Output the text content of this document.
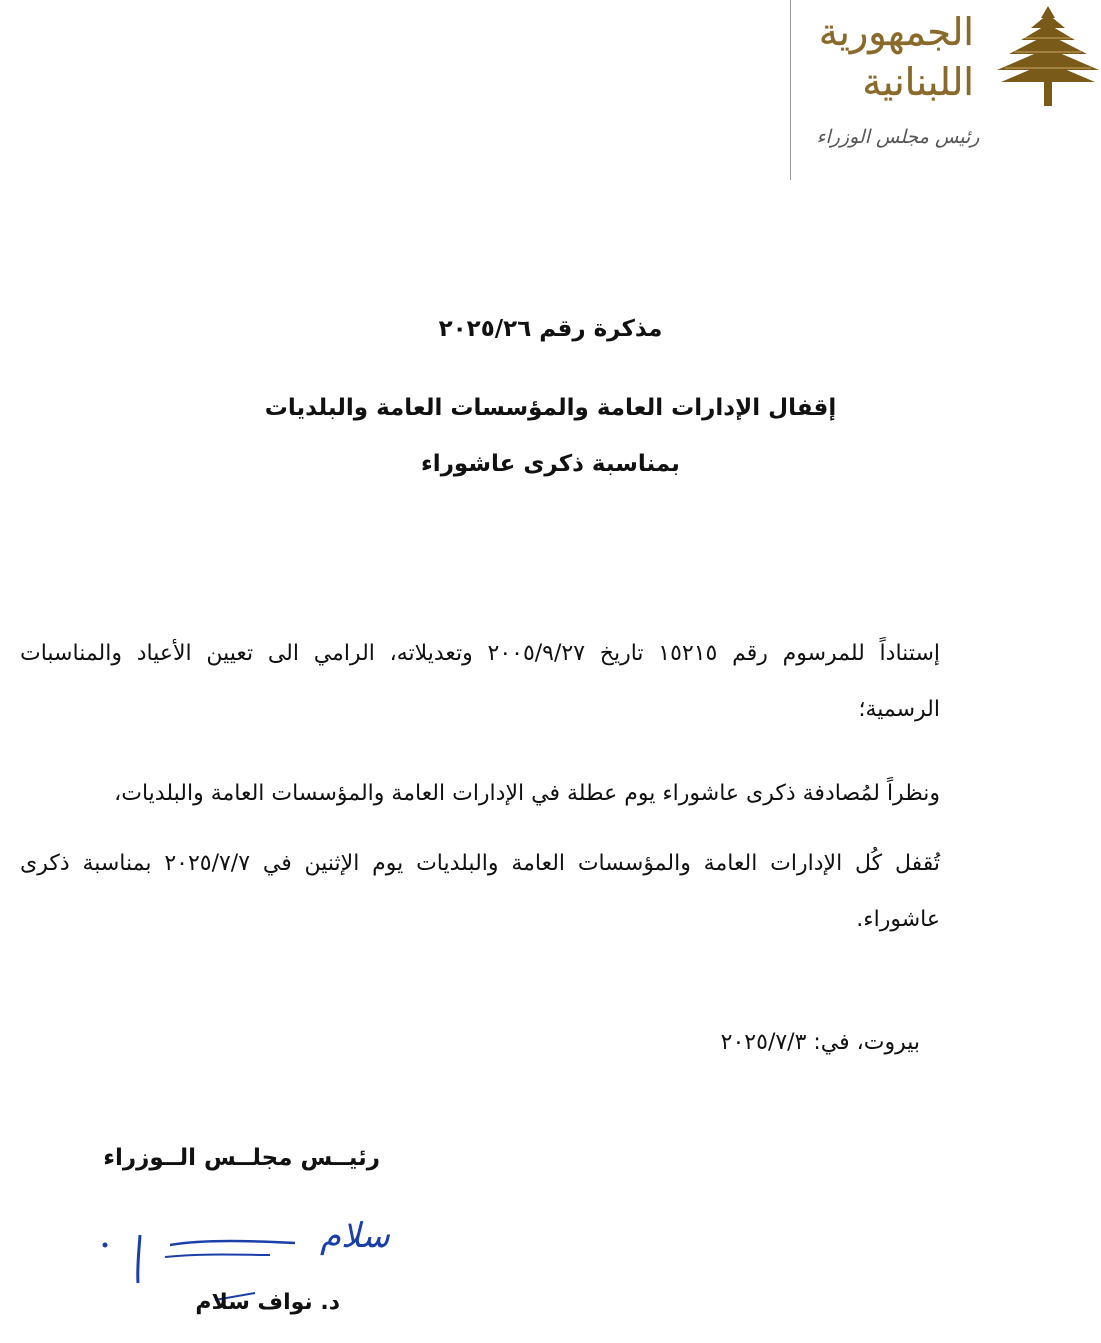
الجمهورية
اللبنانية
رئيس مجلس الوزراء
مذكرة رقم ٢٠٢٥/٢٦
إقفال الإدارات العامة والمؤسسات العامة والبلديات
بمناسبة ذكرى عاشوراء
إستناداً للمرسوم رقم ١٥٢١٥ تاريخ ٢٠٠٥/٩/٢٧ وتعديلاته، الرامي الى تعيين الأعياد والمناسبات الرسمية؛
ونظراً لمُصادفة ذكرى عاشوراء يوم عطلة في الإدارات العامة والمؤسسات العامة والبلديات،
تُقفل كُل الإدارات العامة والمؤسسات العامة والبلديات يوم الإثنين في ٢٠٢٥/٧/٧ بمناسبة ذكرى عاشوراء.
بيروت، في: ٢٠٢٥/٧/٣
رئيــس مجلــس الــوزراء
سلام
د. نواف سلام
